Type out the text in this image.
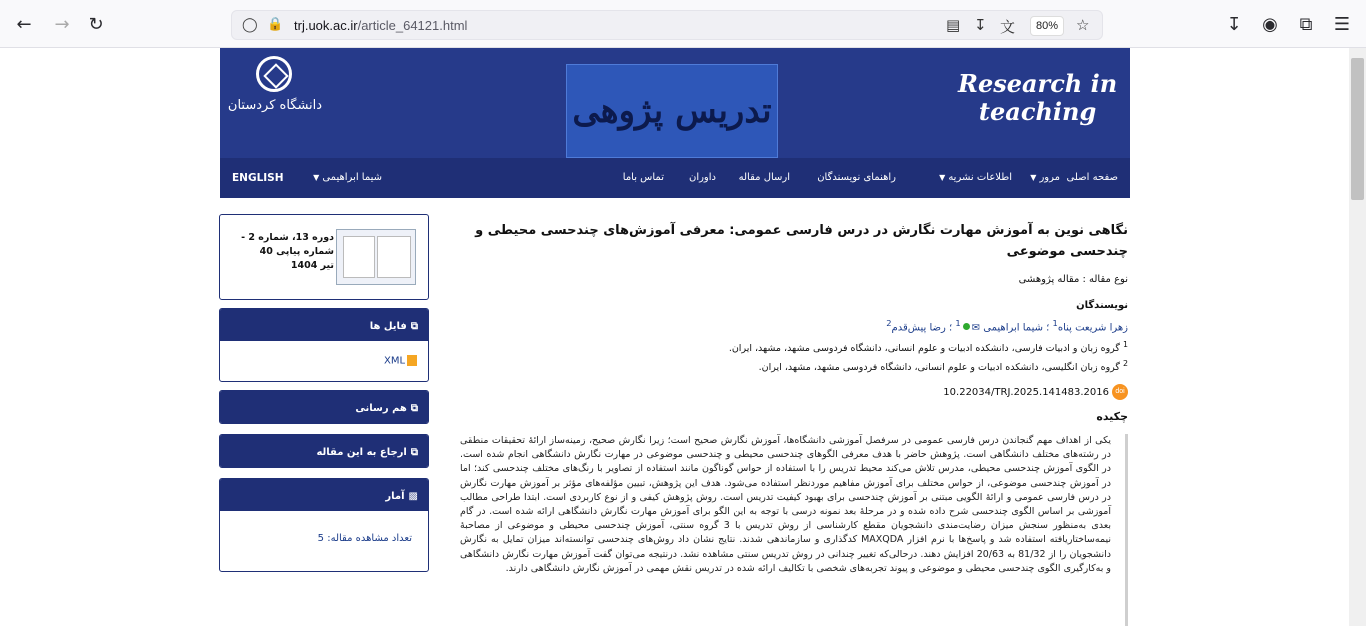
← → ↻	◯ 🔒 trj.uok.ac.ir/article_64121.html	▤ ↧ 文	☆
80%	↧ ◉	⧉	☰
دانشگاه کردستان	تدریس پژوهی
Research in
teaching
صفحه اصلی
مرور▼
اطلاعات نشریه▼
راهنمای نویسندگان
ارسال مقاله
داوران
تماس باما
شیما ابراهیمی▼
ENGLISH
نگاهی نوین به آموزش مهارت نگارش در درس فارسی عمومی: معرفی آموزش‌های چندحسی محیطی و چندحسی موضوعی
نوع مقاله : مقاله پژوهشی
نویسندگان
زهرا شریعت پناه$^1$ ؛ شیما ابراهیمی ✉$^1$ ؛ رضا پیش‌قدم$^2$
$^1$ گروه زبان و ادبیات فارسی، دانشکده ادبیات و علوم انسانی، دانشگاه فردوسی مشهد، مشهد، ایران.
$^2$ گروه زبان انگلیسی، دانشکده ادبیات و علوم انسانی، دانشگاه فردوسی مشهد، مشهد، ایران.
doi
10.22034/TRJ.2025.141483.2016
چکیده
یکی از اهداف مهم گنجاندن درس فارسی عمومی در سرفصل آموزشی دانشگاه‌ها، آموزش نگارش صحیح است؛ زیرا نگارش صحیح، زمینه‌ساز ارائهٔ تحقیقات منطقی در رشته‌های مختلف دانشگاهی است. پژوهش حاضر با هدف معرفی الگوهای چندحسی محیطی و چندحسی موضوعی در مهارت نگارش دانشگاهی انجام شده است. در الگوی آموزش چندحسی محیطی، مدرس تلاش می‌کند محیط تدریس را با استفاده از حواس گوناگون مانند استفاده از تصاویر با رنگ‌های مختلف چندحسی کند؛ اما در آموزش چندحسی موضوعی، از حواس مختلف برای آموزش مفاهیم موردنظر استفاده می‌شود. هدف این پژوهش، تبیین مؤلفه‌های مؤثر بر آموزش مهارت نگارش در درس فارسی عمومی و ارائهٔ الگویی مبتنی بر آموزش چندحسی برای بهبود کیفیت تدریس است. روش پژوهش کیفی و از نوع کاربردی است. ابتدا طراحی مطالب آموزشی بر اساس الگوی چندحسی شرح داده شده و در مرحلهٔ بعد نمونه درسی با توجه به این الگو برای آموزش مهارت نگارش دانشگاهی ارائه شده است. در گام بعدی به‌منظور سنجش میزان رضایت‌مندی دانشجویان مقطع کارشناسی از روش تدریس با 3 گروه سنتی، آموزش چندحسی محیطی و موضوعی از مصاحبهٔ نیمه‌ساختاریافته استفاده شد و پاسخ‌ها با نرم افزار MAXQDA کدگذاری و سازماندهی شدند. نتایج نشان داد روش‌های چندحسی توانسته‌اند میزان تمایل به نگارش دانشجویان را از 81/32 به 20/63 افزایش دهند. درحالی‌که تغییر چندانی در روش تدریس سنتی مشاهده نشد. درنتیجه می‌توان گفت آموزش مهارت نگارش دانشگاهی و به‌کارگیری الگوی چندحسی محیطی و موضوعی و پیوند تجربه‌های شخصی با تکالیف ارائه شده در تدریس نقش مهمی در آموزش نگارش دانشگاهی دارند.
دوره 13، شماره 2 -
شماره پیاپی 40
تیر 1404
⧉
فایل ها
XML
⧉
هم رسانی
⧉
ارجاع به این مقاله
▩
آمار
تعداد مشاهده مقاله: 5
